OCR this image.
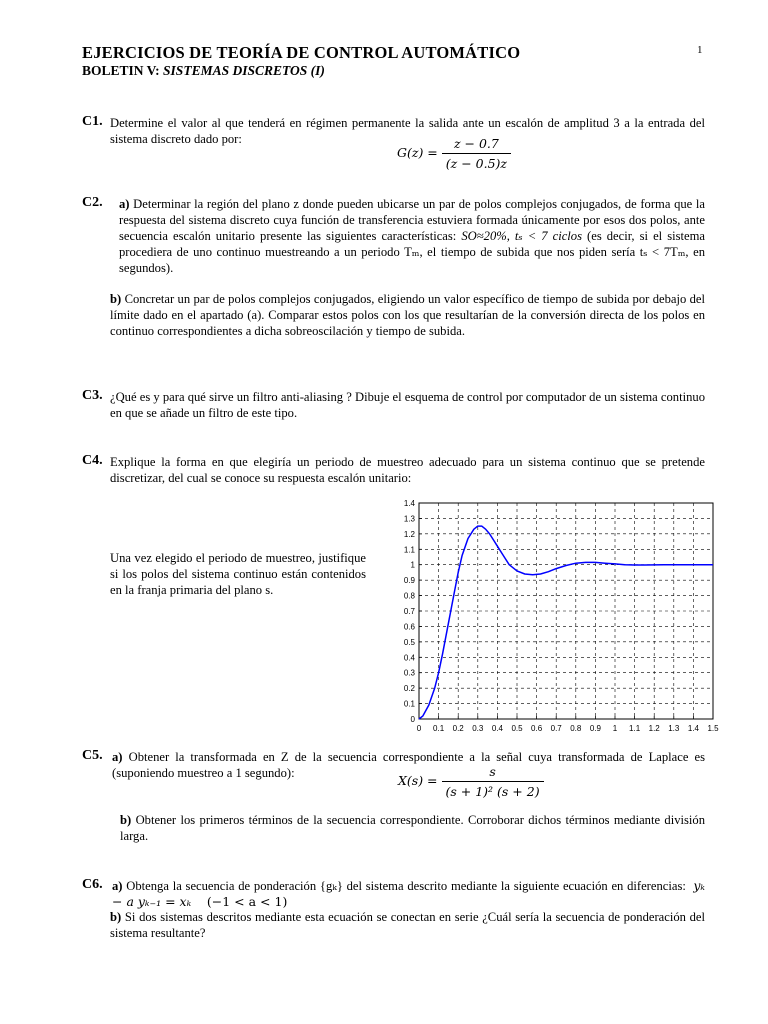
EJERCICIOS DE TEORÍA DE CONTROL AUTOMÁTICO
BOLETIN V: SISTEMAS DISCRETOS (I)
1
C1. Determine el valor al que tenderá en régimen permanente la salida ante un escalón de amplitud 3 a la entrada del sistema discreto dado por:
$G(z) = \frac{z - 0.7}{(z - 0.5)z}$
C2. a) Determinar la región del plano z donde pueden ubicarse un par de polos complejos conjugados, de forma que la respuesta del sistema discreto cuya función de transferencia estuviera formada únicamente por esos dos polos, ante secuencia escalón unitario presente las siguientes características: SO≈20%, tₛ < 7 ciclos (es decir, si el sistema procediera de uno continuo muestreando a un periodo Tₘ, el tiempo de subida que nos piden sería tₛ < 7Tₘ, en segundos).
b) Concretar un par de polos complejos conjugados, eligiendo un valor específico de tiempo de subida por debajo del límite dado en el apartado (a). Comparar estos polos con los que resultarían de la conversión directa de los polos en continuo correspondientes a dicha sobreoscilación y tiempo de subida.
C3. ¿Qué es y para qué sirve un filtro anti-aliasing ? Dibuje el esquema de control por computador de un sistema continuo en que se añade un filtro de este tipo.
C4. Explique la forma en que elegiría un periodo de muestreo adecuado para un sistema continuo que se pretende discretizar, del cual se conoce su respuesta escalón unitario:
Una vez elegido el periodo de muestreo, justifique si los polos del sistema continuo están contenidos en la franja primaria del plano s.
0 0.1 0.2 0.3 0.4 0.5 0.6 0.7 0.8 0.9 1 1.1 1.2 1.3 1.4 1.5
0
0.1
0.2
0.3
0.4
0.5
0.6
0.7
0.8
0.9
1
1.1
1.2
1.3
1.4
C5. a) Obtener la transformada en Z de la secuencia correspondiente a la señal cuya transformada de Laplace es (suponiendo muestreo a 1 segundo):
$X(s) = \frac{s}{\text{(s + 1)² (s + 2)}}$
b) Obtener los primeros términos de la secuencia correspondiente. Corroborar dichos términos mediante división larga.
C6. a) Obtenga la secuencia de ponderación {gₖ} del sistema descrito mediante la siguiente ecuación en diferencias: yₖ − a yₖ₋₁ = xₖ (−1 < a < 1)
b) Si dos sistemas descritos mediante esta ecuación se conectan en serie ¿Cuál sería la secuencia de ponderación del sistema resultante?
